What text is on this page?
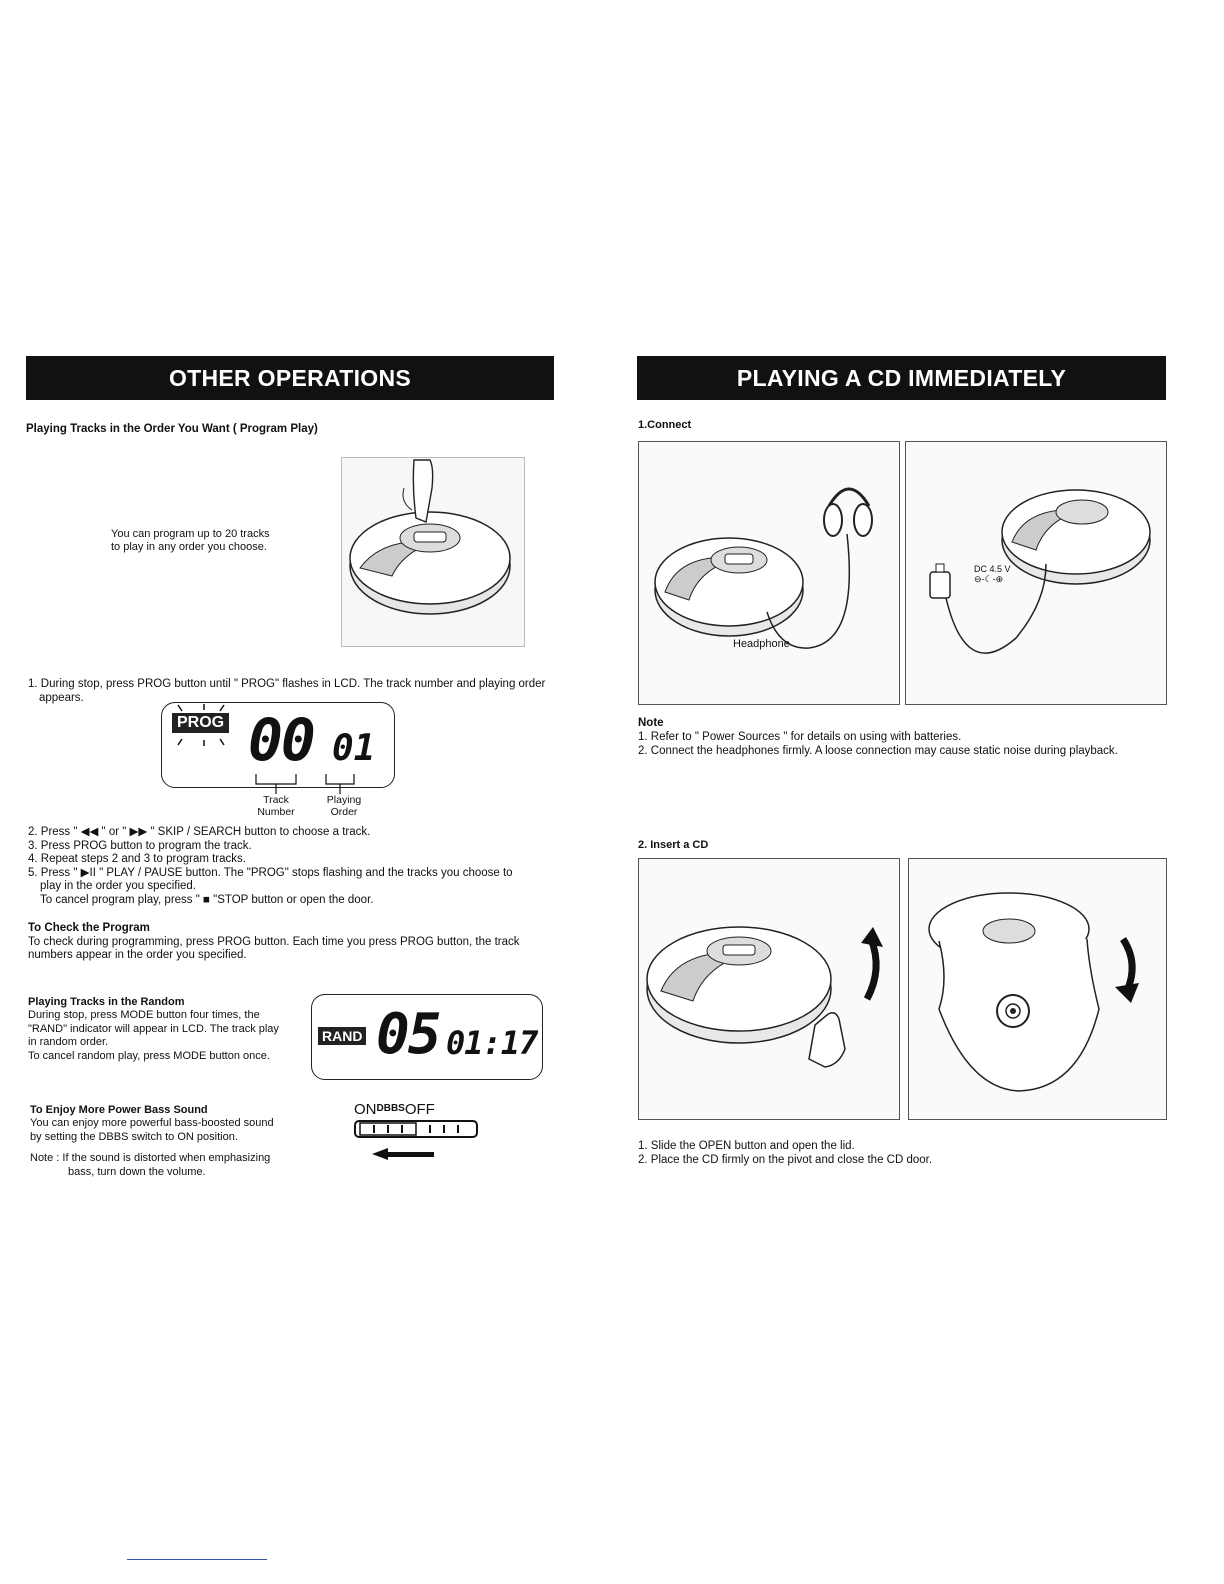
OTHER OPERATIONS
Playing Tracks in the Order You Want ( Program Play)
You can program up to 20 tracks
to play in any order you choose.
1. During stop, press PROG button until " PROG" flashes in LCD. The track number and playing order
appears.
PROG 00 01
Track
Number
Playing
Order
2. Press " ◀◀ " or " ▶▶ " SKIP / SEARCH button to choose a track.
3. Press PROG button to program the track.
4. Repeat steps 2 and 3 to program tracks.
5. Press " ▶II " PLAY / PAUSE button. The "PROG" stops flashing and the tracks you choose to
play in the order you specified.
To cancel program play, press " ■ "STOP button or open the door.
To Check the Program
To check during programming, press PROG button. Each time you press PROG button, the track
numbers appear in the order you specified.
Playing Tracks in the Random
During stop, press MODE button four times, the
"RAND" indicator will appear in LCD. The track play
in random order.
To cancel random play, press MODE button once.
RAND 05 01:17
To Enjoy More Power Bass Sound
You can enjoy more powerful bass-boosted sound
by setting the DBBS switch to ON position.
Note : If the sound is distorted when emphasizing
bass, turn down the volume.
$ON^{DBBS}OFF$
PLAYING A CD IMMEDIATELY
1.Connect
Headphone
DC 4.5 V
⊖-☾-⊕
Note
1. Refer to " Power Sources " for details on using with batteries.
2. Connect the headphones firmly. A loose connection may cause static noise during playback.
2. Insert a CD
1. Slide the OPEN button and open the lid.
2. Place the CD firmly on the pivot and close the CD door.
